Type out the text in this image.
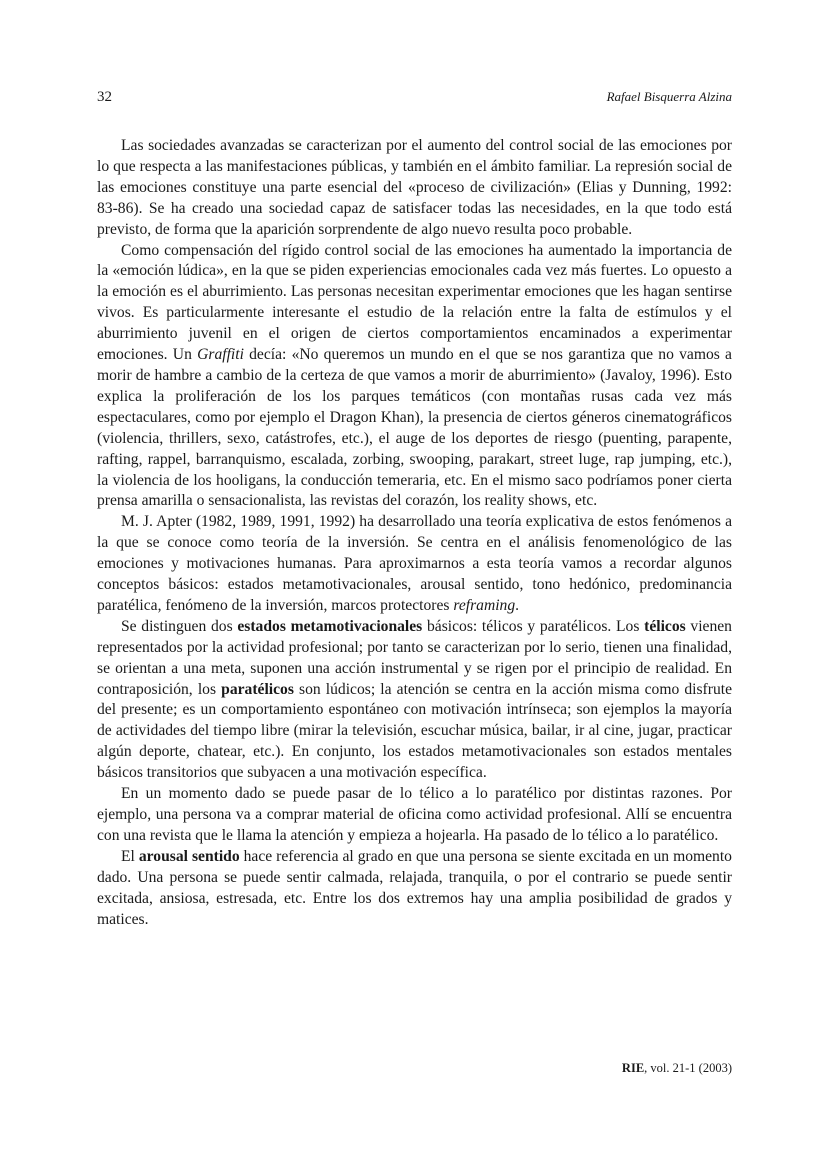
32	Rafael Bisquerra Alzina

Las sociedades avanzadas se caracterizan por el aumento del control social de las emociones por lo que respecta a las manifestaciones públicas, y también en el ámbito familiar. La represión social de las emociones constituye una parte esencial del «proceso de civilización» (Elias y Dunning, 1992: 83-86). Se ha creado una sociedad capaz de satisfacer todas las necesidades, en la que todo está previsto, de forma que la aparición sorprendente de algo nuevo resulta poco probable.

Como compensación del rígido control social de las emociones ha aumentado la importancia de la «emoción lúdica», en la que se piden experiencias emocionales cada vez más fuertes. Lo opuesto a la emoción es el aburrimiento. Las personas necesitan experimentar emociones que les hagan sentirse vivos. Es particularmente interesante el estudio de la relación entre la falta de estímulos y el aburrimiento juvenil en el origen de ciertos comportamientos encaminados a experimentar emociones. Un Graffiti decía: «No queremos un mundo en el que se nos garantiza que no vamos a morir de hambre a cambio de la certeza de que vamos a morir de aburrimiento» (Javaloy, 1996). Esto explica la proliferación de los los parques temáticos (con montañas rusas cada vez más espectaculares, como por ejemplo el Dragon Khan), la presencia de ciertos géneros cinematográficos (violencia, thrillers, sexo, catástrofes, etc.), el auge de los deportes de riesgo (puenting, parapente, rafting, rappel, barranquismo, escalada, zorbing, swooping, parakart, street luge, rap jumping, etc.), la violencia de los hooligans, la conducción temeraria, etc. En el mismo saco podríamos poner cierta prensa amarilla o sensacionalista, las revistas del corazón, los reality shows, etc.

M. J. Apter (1982, 1989, 1991, 1992) ha desarrollado una teoría explicativa de estos fenómenos a la que se conoce como teoría de la inversión. Se centra en el análisis fenomenológico de las emociones y motivaciones humanas. Para aproximarnos a esta teoría vamos a recordar algunos conceptos básicos: estados metamotivacionales, arousal sentido, tono hedónico, predominancia paratélica, fenómeno de la inversión, marcos protectores reframing.

Se distinguen dos estados metamotivacionales básicos: télicos y paratélicos. Los télicos vienen representados por la actividad profesional; por tanto se caracterizan por lo serio, tienen una finalidad, se orientan a una meta, suponen una acción instrumental y se rigen por el principio de realidad. En contraposición, los paratélicos son lúdicos; la atención se centra en la acción misma como disfrute del presente; es un comportamiento espontáneo con motivación intrínseca; son ejemplos la mayoría de actividades del tiempo libre (mirar la televisión, escuchar música, bailar, ir al cine, jugar, practicar algún deporte, chatear, etc.). En conjunto, los estados metamotivacionales son estados mentales básicos transitorios que subyacen a una motivación específica.

En un momento dado se puede pasar de lo télico a lo paratélico por distintas razones. Por ejemplo, una persona va a comprar material de oficina como actividad profesional. Allí se encuentra con una revista que le llama la atención y empieza a hojearla. Ha pasado de lo télico a lo paratélico.

El arousal sentido hace referencia al grado en que una persona se siente excitada en un momento dado. Una persona se puede sentir calmada, relajada, tranquila, o por el contrario se puede sentir excitada, ansiosa, estresada, etc. Entre los dos extremos hay una amplia posibilidad de grados y matices.

RIE, vol. 21-1 (2003)
